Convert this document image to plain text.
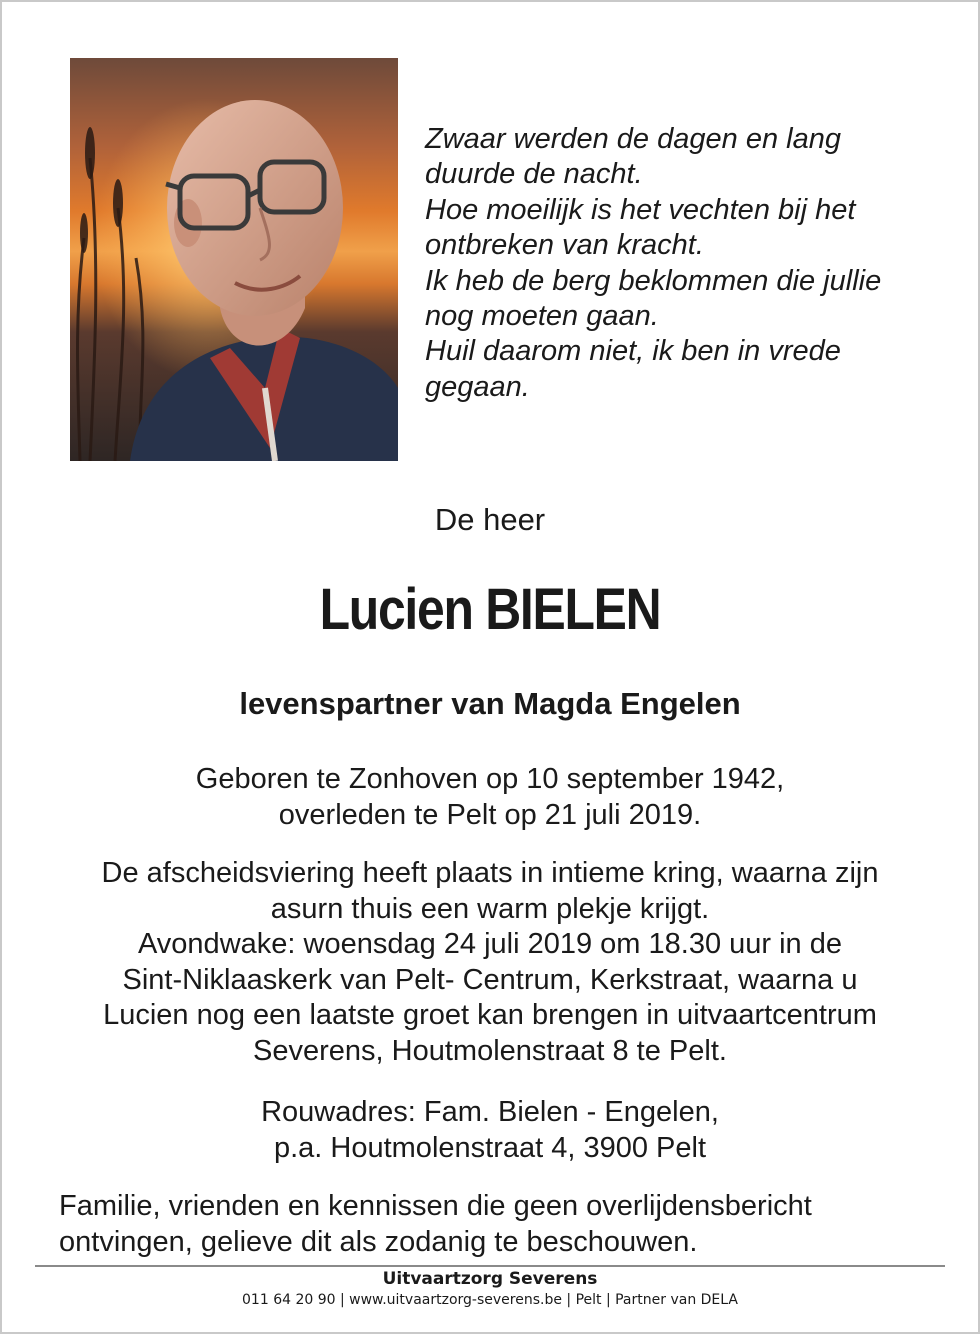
Zwaar werden de dagen en lang
duurde de nacht.
Hoe moeilijk is het vechten bij het
ontbreken van kracht.
Ik heb de berg beklommen die jullie
nog moeten gaan.
Huil daarom niet, ik ben in vrede
gegaan.
De heer
Lucien BIELEN
levenspartner van Magda Engelen
Geboren te Zonhoven op 10 september 1942,
overleden te Pelt op 21 juli 2019.
De afscheidsviering heeft plaats in intieme kring, waarna zijn
asurn thuis een warm plekje krijgt.
Avondwake: woensdag 24 juli 2019 om 18.30 uur in de
Sint-Niklaaskerk van Pelt- Centrum, Kerkstraat, waarna u
Lucien nog een laatste groet kan brengen in uitvaartcentrum
Severens, Houtmolenstraat 8 te Pelt.
Rouwadres: Fam. Bielen - Engelen,
p.a. Houtmolenstraat 4, 3900 Pelt
Familie, vrienden en kennissen die geen overlijdensbericht
ontvingen, gelieve dit als zodanig te beschouwen.
Uitvaartzorg Severens
011 64 20 90 | www.uitvaartzorg-severens.be | Pelt | Partner van DELA
